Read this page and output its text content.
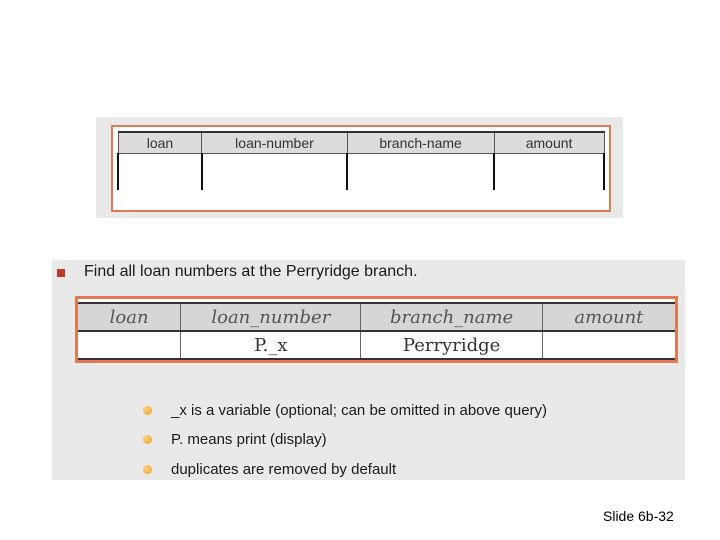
loan	loan-number	branch-name	amount

Find all loan numbers at the Perryridge branch.
loan	loan_number	branch_name	amount
	P._x	Perryridge	
_x is a variable (optional; can be omitted in above query)
P. means print (display)
duplicates are removed by default
Slide 6b-32
